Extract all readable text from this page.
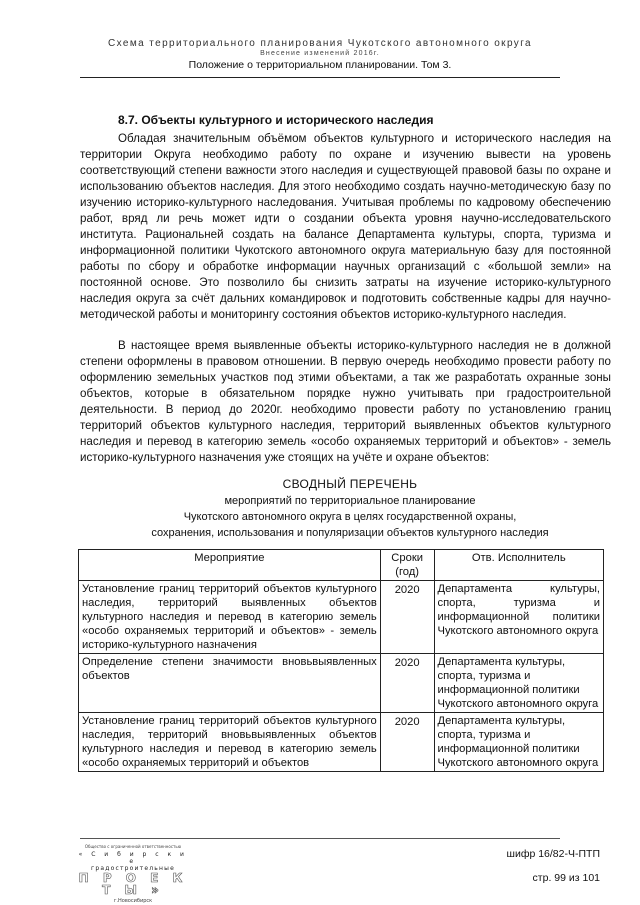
Схема территориального планирования Чукотского автономного округа
Внесение изменений 2016г.
Положение о территориальном планировании. Том 3.
8.7. Объекты культурного и исторического наследия

Обладая значительным объёмом объектов культурного и исторического наследия на территории Округа необходимо работу по охране и изучению вывести на уровень соответствующий степени важности этого наследия и существующей правовой базы по охране и использованию объектов наследия. Для этого необходимо создать научно-методическую базу по изучению историко-культурного наследования. Учитывая проблемы по кадровому обеспечению работ, вряд ли речь может идти о создании объекта уровня научно-исследовательского института. Рациональней создать на балансе Департамента культуры, спорта, туризма и информационной политики Чукотского автономного округа материальную базу для постоянной работы по сбору и обработке информации научных организаций с «большой земли» на постоянной основе. Это позволило бы снизить затраты на изучение историко-культурного наследия округа за счёт дальних командировок и подготовить собственные кадры для научно-методической работы и мониторингу состояния объектов историко-культурного наследия.

В настоящее время выявленные объекты историко-культурного наследия не в должной степени оформлены в правовом отношении. В первую очередь необходимо провести работу по оформлению земельных участков под этими объектами, а так же разработать охранные зоны объектов, которые в обязательном порядке нужно учитывать при градостроительной деятельности. В период до 2020г. необходимо провести работу по установлению границ территорий объектов культурного наследия, территорий выявленных объектов культурного наследия и перевод в категорию земель «особо охраняемых территорий и объектов» - земель историко-культурного назначения уже стоящих на учёте и охране объектов:

СВОДНЫЙ ПЕРЕЧЕНЬ
мероприятий по территориальное планирование
Чукотского автономного округа в целях государственной охраны,
сохранения, использования и популяризации объектов культурного наследия
Мероприятие	Сроки (год)	Отв. Исполнитель
Установление границ территорий объектов культурного наследия, территорий выявленных объектов культурного наследия и перевод в категорию земель «особо охраняемых территорий и объектов» - земель историко-культурного назначения	2020	Департамента культуры, спорта, туризма и информационной политики Чукотского автономного округа
Определение степени значимости вновьвыявленных объектов	2020	Департамента культуры, спорта, туризма и информационной политики Чукотского автономного округа
Установление границ территорий объектов культурного наследия, территорий вновьвыявленных объектов культурного наследия и перевод в категорию земель «особо охраняемых территорий и объектов	2020	Департамента культуры, спорта, туризма и информационной политики Чукотского автономного округа
Общество с ограниченной ответственностью
« С и б и р с к и е
градостроительные
П Р О Е К Т Ы »
г.Новосибирск
шифр 16/82-Ч-ПТП
стр. 99 из 101
